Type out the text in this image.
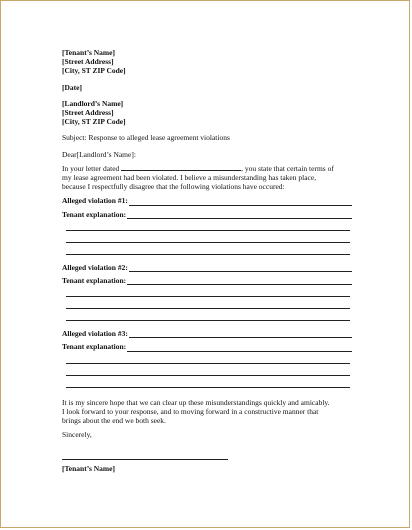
[Tenant’s Name]
[Street Address]
[City, ST ZIP Code]
[Date]
[Landlord’s Name]
[Street Address]
[City, ST ZIP Code]
Subject: Response to alleged lease agreement violations
Dear[Landlord’s Name]:
In your letter dated	, you state that certain terms of
my lease agreement had been violated. I believe a misunderstanding has taken place,
because I respectfully disagree that the following violations have occured:
Alleged violation #1:
Tenant explanation:
Alleged violation #2:
Tenant explanation:
Alleged violation #3:
Tenant explanation:
It is my sincere hope that we can clear up these misunderstandings quickly and amicably.
I look forward to your response, and to moving forward in a constructive manner that
brings about the end we both seek.
Sincerely,
[Tenant’s Name]
